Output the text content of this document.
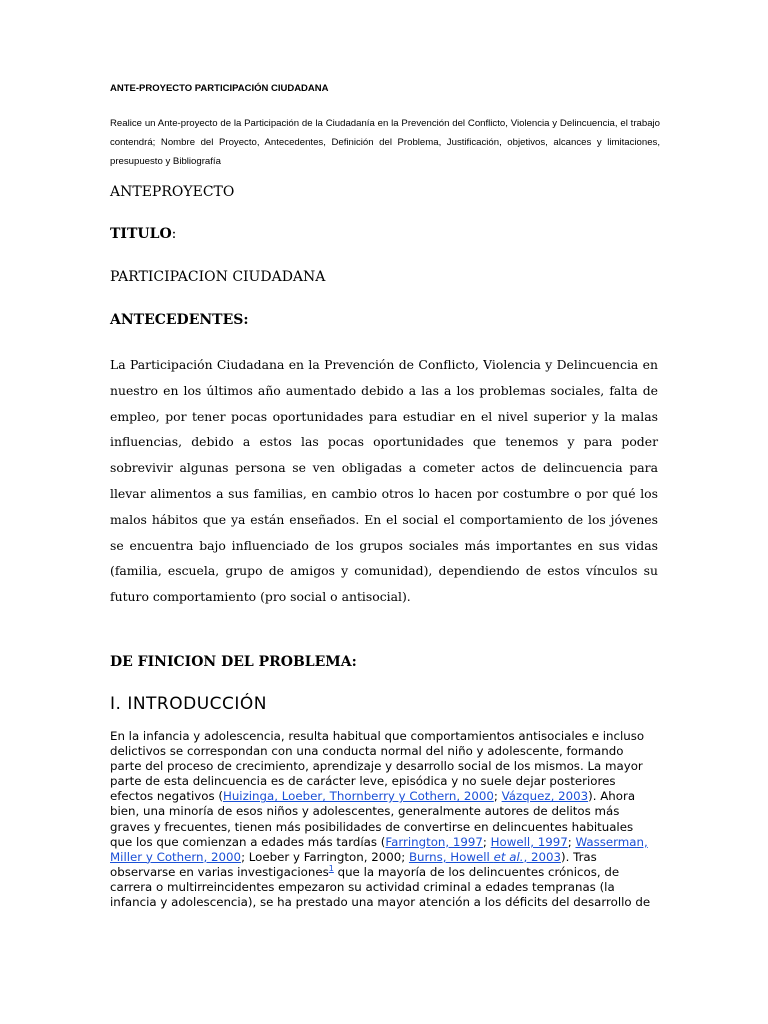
ANTE-PROYECTO PARTICIPACIÓN CIUDADANA

Realice un Ante-proyecto de la Participación de la Ciudadanía en la Prevención del Conflicto, Violencia y Delincuencia, el trabajo contendrá; Nombre del Proyecto, Antecedentes, Definición del Problema, Justificación, objetivos, alcances y limitaciones, presupuesto y Bibliografía

ANTEPROYECTO

TITULO:

PARTICIPACION CIUDADANA

ANTECEDENTES:

La Participación Ciudadana en la Prevención de Conflicto, Violencia y Delincuencia en nuestro en los últimos año aumentado debido a las a los problemas sociales, falta de empleo, por tener pocas oportunidades para estudiar en el nivel superior y la malas influencias, debido a estos las pocas oportunidades que tenemos y para poder sobrevivir algunas persona se ven obligadas a cometer actos de delincuencia para llevar alimentos a sus familias, en cambio otros lo hacen por costumbre o por qué los malos hábitos que ya están enseñados. En el social el comportamiento de los jóvenes se encuentra bajo influenciado de los grupos sociales más importantes en sus vidas (familia, escuela, grupo de amigos y comunidad), dependiendo de estos vínculos su futuro comportamiento (pro social o antisocial).

DE FINICION DEL PROBLEMA:

I. INTRODUCCIÓN

En la infancia y adolescencia, resulta habitual que comportamientos antisociales e incluso delictivos se correspondan con una conducta normal del niño y adolescente, formando parte del proceso de crecimiento, aprendizaje y desarrollo social de los mismos. La mayor parte de esta delincuencia es de carácter leve, episódica y no suele dejar posteriores efectos negativos (Huizinga, Loeber, Thornberry y Cothern, 2000; Vázquez, 2003). Ahora bien, una minoría de esos niños y adolescentes, generalmente autores de delitos más graves y frecuentes, tienen más posibilidades de convertirse en delincuentes habituales que los que comienzan a edades más tardías (Farrington, 1997; Howell, 1997; Wasserman, Miller y Cothern, 2000; Loeber y Farrington, 2000; Burns, Howell et al., 2003). Tras observarse en varias investigaciones$^1$ que la mayoría de los delincuentes crónicos, de carrera o multirreincidentes empezaron su actividad criminal a edades tempranas (la infancia y adolescencia), se ha prestado una mayor atención a los déficits del desarrollo de
